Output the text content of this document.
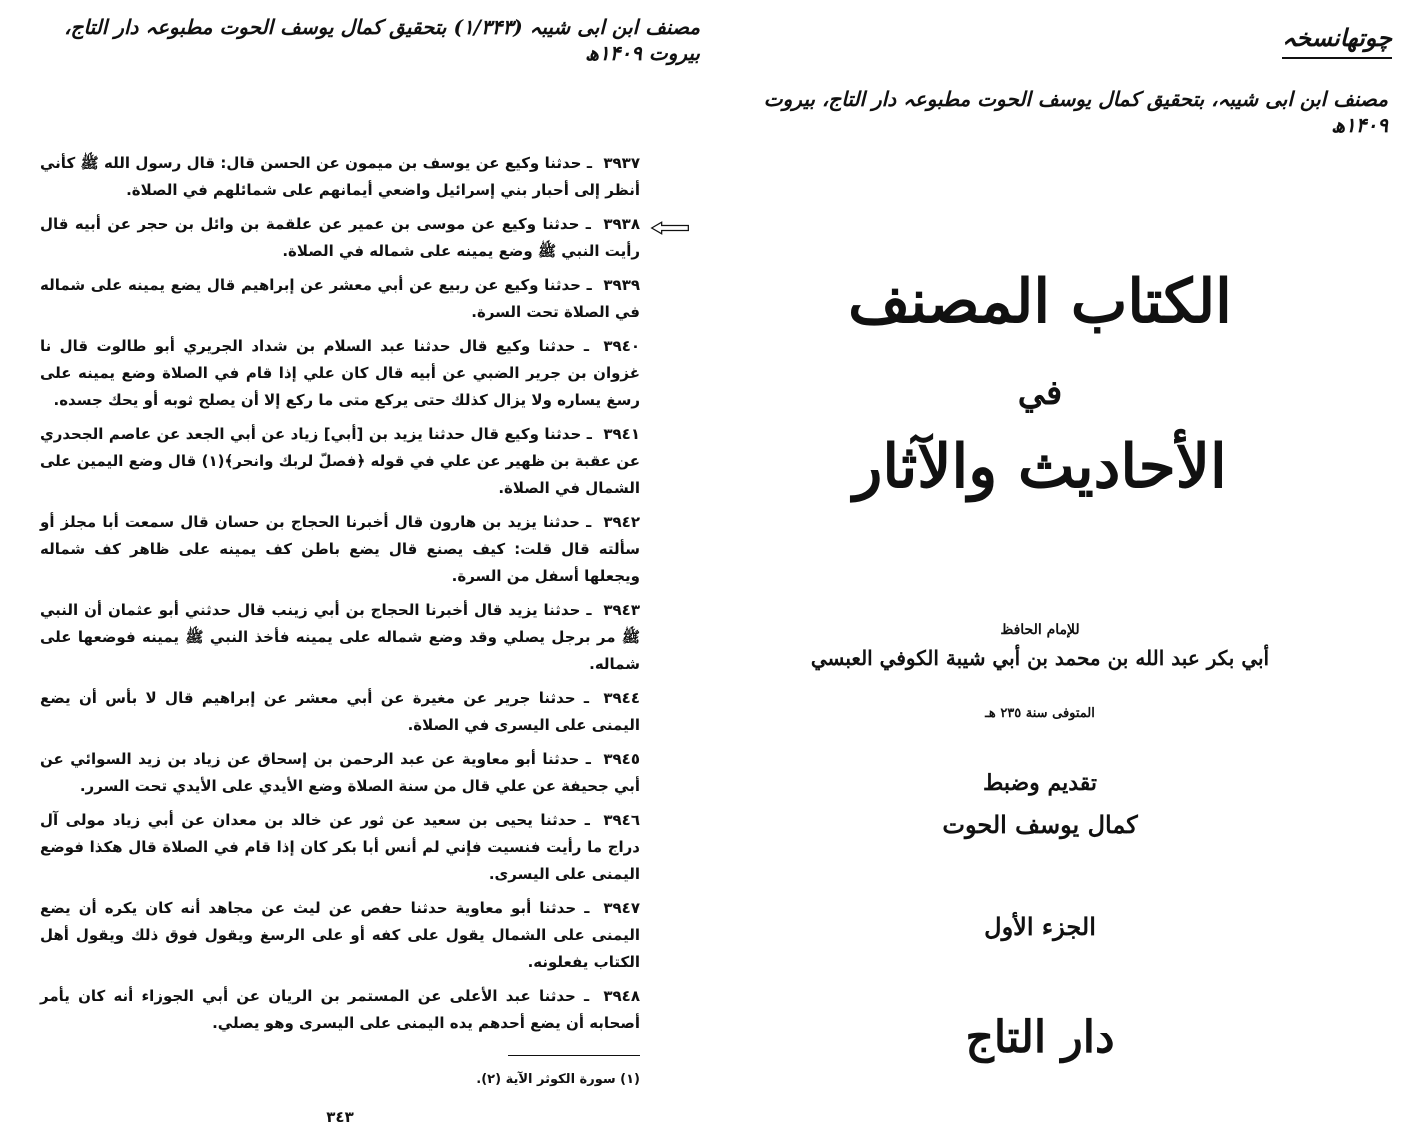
مصنف ابن ابی شیبہ (۱/۳۴۳) بتحقیق کمال یوسف الحوت مطبوعہ دار التاج، بیروت ۱۴۰۹ھ
چوتھانسخہ
مصنف ابن ابی شیبہ، بتحقیق کمال یوسف الحوت مطبوعہ دار التاج، بیروت ۱۴۰۹ھ
٣٩٣٧ ـ حدثنا وكيع عن يوسف بن ميمون عن الحسن قال: قال رسول الله ﷺ كأني أنظر إلى أحبار بني إسرائيل واضعي أيمانهم على شمائلهم في الصلاة.
٣٩٣٨ ـ حدثنا وكيع عن موسى بن عمير عن علقمة بن وائل بن حجر عن أبيه قال رأيت النبي ﷺ وضع يمينه على شماله في الصلاة.
٣٩٣٩ ـ حدثنا وكيع عن ربيع عن أبي معشر عن إبراهيم قال يضع يمينه على شماله في الصلاة تحت السرة.
٣٩٤٠ ـ حدثنا وكيع قال حدثنا عبد السلام بن شداد الجريري أبو طالوت قال نا غزوان بن جرير الضبي عن أبيه قال كان علي إذا قام في الصلاة وضع يمينه على رسغ يساره ولا يزال كذلك حتى يركع متى ما ركع إلا أن يصلح ثوبه أو يحك جسده.
٣٩٤١ ـ حدثنا وكيع قال حدثنا يزيد بن [أبي] زياد عن أبي الجعد عن عاصم الجحدري عن عقبة بن ظهير عن علي في قوله ﴿فصلّ لربك وانحر﴾(١) قال وضع اليمين على الشمال في الصلاة.
٣٩٤٢ ـ حدثنا يزيد بن هارون قال أخبرنا الحجاج بن حسان قال سمعت أبا مجلز أو سألته قال قلت: كيف يصنع قال يضع باطن كف يمينه على ظاهر كف شماله ويجعلها أسفل من السرة.
٣٩٤٣ ـ حدثنا يزيد قال أخبرنا الحجاج بن أبي زينب قال حدثني أبو عثمان أن النبي ﷺ مر برجل يصلي وقد وضع شماله على يمينه فأخذ النبي ﷺ يمينه فوضعها على شماله.
٣٩٤٤ ـ حدثنا جرير عن مغيرة عن أبي معشر عن إبراهيم قال لا بأس أن يضع اليمنى على اليسرى في الصلاة.
٣٩٤٥ ـ حدثنا أبو معاوية عن عبد الرحمن بن إسحاق عن زياد بن زيد السوائي عن أبي جحيفة عن علي قال من سنة الصلاة وضع الأيدي على الأيدي تحت السرر.
٣٩٤٦ ـ حدثنا يحيى بن سعيد عن ثور عن خالد بن معدان عن أبي زياد مولى آل دراج ما رأيت فنسيت فإني لم أنس أبا بكر كان إذا قام في الصلاة قال هكذا فوضع اليمنى على اليسرى.
٣٩٤٧ ـ حدثنا أبو معاوية حدثنا حفص عن ليث عن مجاهد أنه كان يكره أن يضع اليمنى على الشمال يقول على كفه أو على الرسغ ويقول فوق ذلك ويقول أهل الكتاب يفعلونه.
٣٩٤٨ ـ حدثنا عبد الأعلى عن المستمر بن الريان عن أبي الجوزاء أنه كان يأمر أصحابه أن يضع أحدهم يده اليمنى على اليسرى وهو يصلي.
(١) سورة الكوثر الآية (٢).
٣٤٣
الكتاب المصنف
في
الأحاديث والآثار
للإمام الحافظ
أبي بكر عبد الله بن محمد بن أبي شيبة الكوفي العبسي
المتوفى سنة ٢٣٥ هـ
تقديم وضبط
كمال يوسف الحوت
الجزء الأول
دار التاج
